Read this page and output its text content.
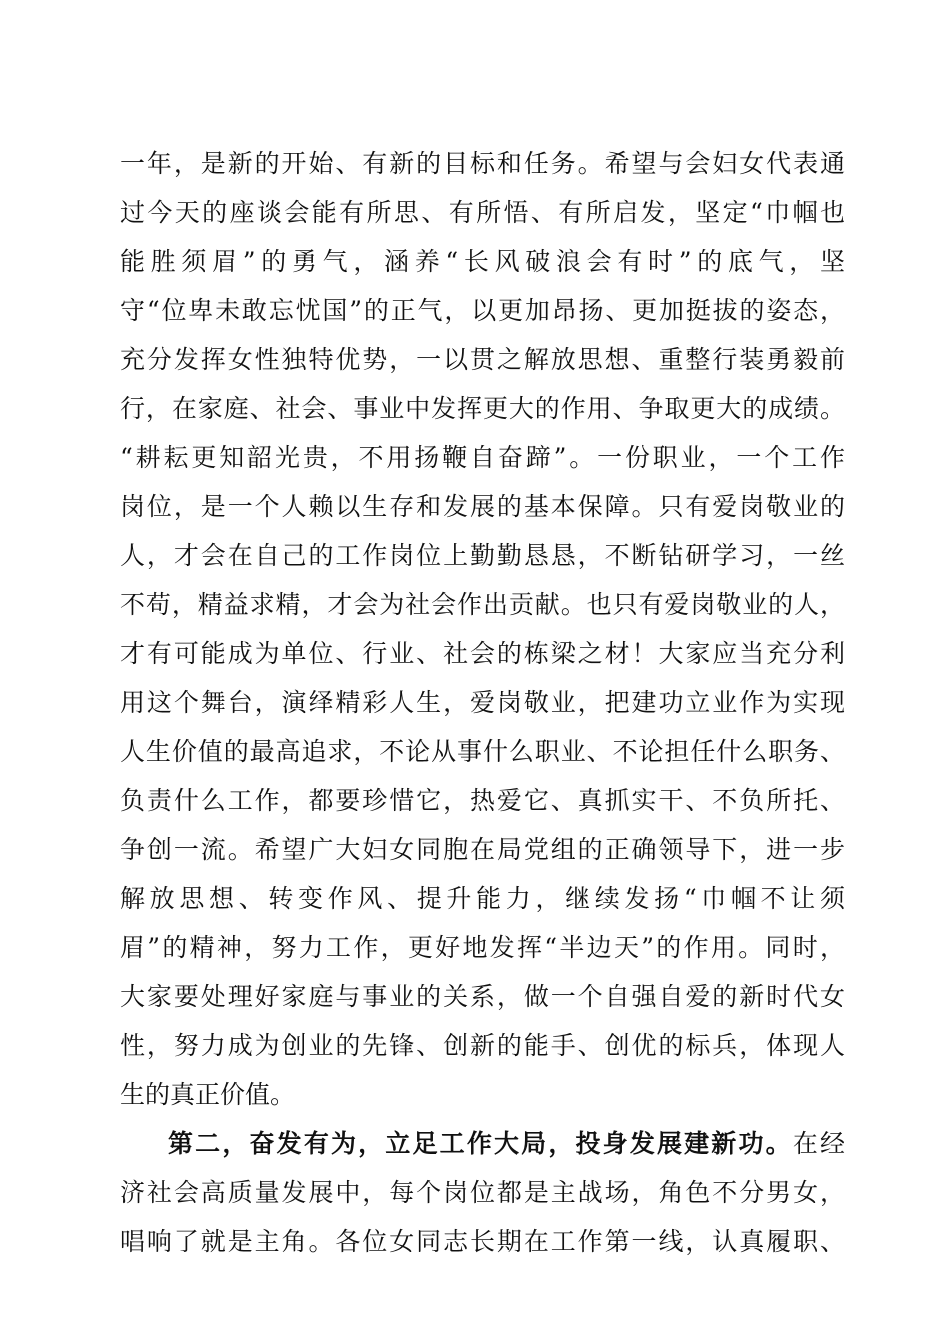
一年，是新的开始、有新的目标和任务。希望与会妇女代表通
过今天的座谈会能有所思、有所悟、有所启发，坚定“巾帼也
能胜须眉”的勇气，涵养“长风破浪会有时”的底气，坚
守“位卑未敢忘忧国”的正气，以更加昂扬、更加挺拔的姿态，
充分发挥女性独特优势，一以贯之解放思想、重整行装勇毅前
行，在家庭、社会、事业中发挥更大的作用、争取更大的成绩。
“耕耘更知韶光贵，不用扬鞭自奋蹄”。一份职业，一个工作
岗位，是一个人赖以生存和发展的基本保障。只有爱岗敬业的
人，才会在自己的工作岗位上勤勤恳恳，不断钻研学习，一丝
不苟，精益求精，才会为社会作出贡献。也只有爱岗敬业的人，
才有可能成为单位、行业、社会的栋梁之材！大家应当充分利
用这个舞台，演绎精彩人生，爱岗敬业，把建功立业作为实现
人生价值的最高追求，不论从事什么职业、不论担任什么职务、
负责什么工作，都要珍惜它，热爱它、真抓实干、不负所托、
争创一流。希望广大妇女同胞在局党组的正确领导下，进一步
解放思想、转变作风、提升能力，继续发扬“巾帼不让须
眉”的精神，努力工作，更好地发挥“半边天”的作用。同时，
大家要处理好家庭与事业的关系，做一个自强自爱的新时代女
性，努力成为创业的先锋、创新的能手、创优的标兵，体现人
生的真正价值。
第二，奋发有为，立足工作大局，投身发展建新功。在经
济社会高质量发展中，每个岗位都是主战场，角色不分男女，
唱响了就是主角。各位女同志长期在工作第一线，认真履职、
